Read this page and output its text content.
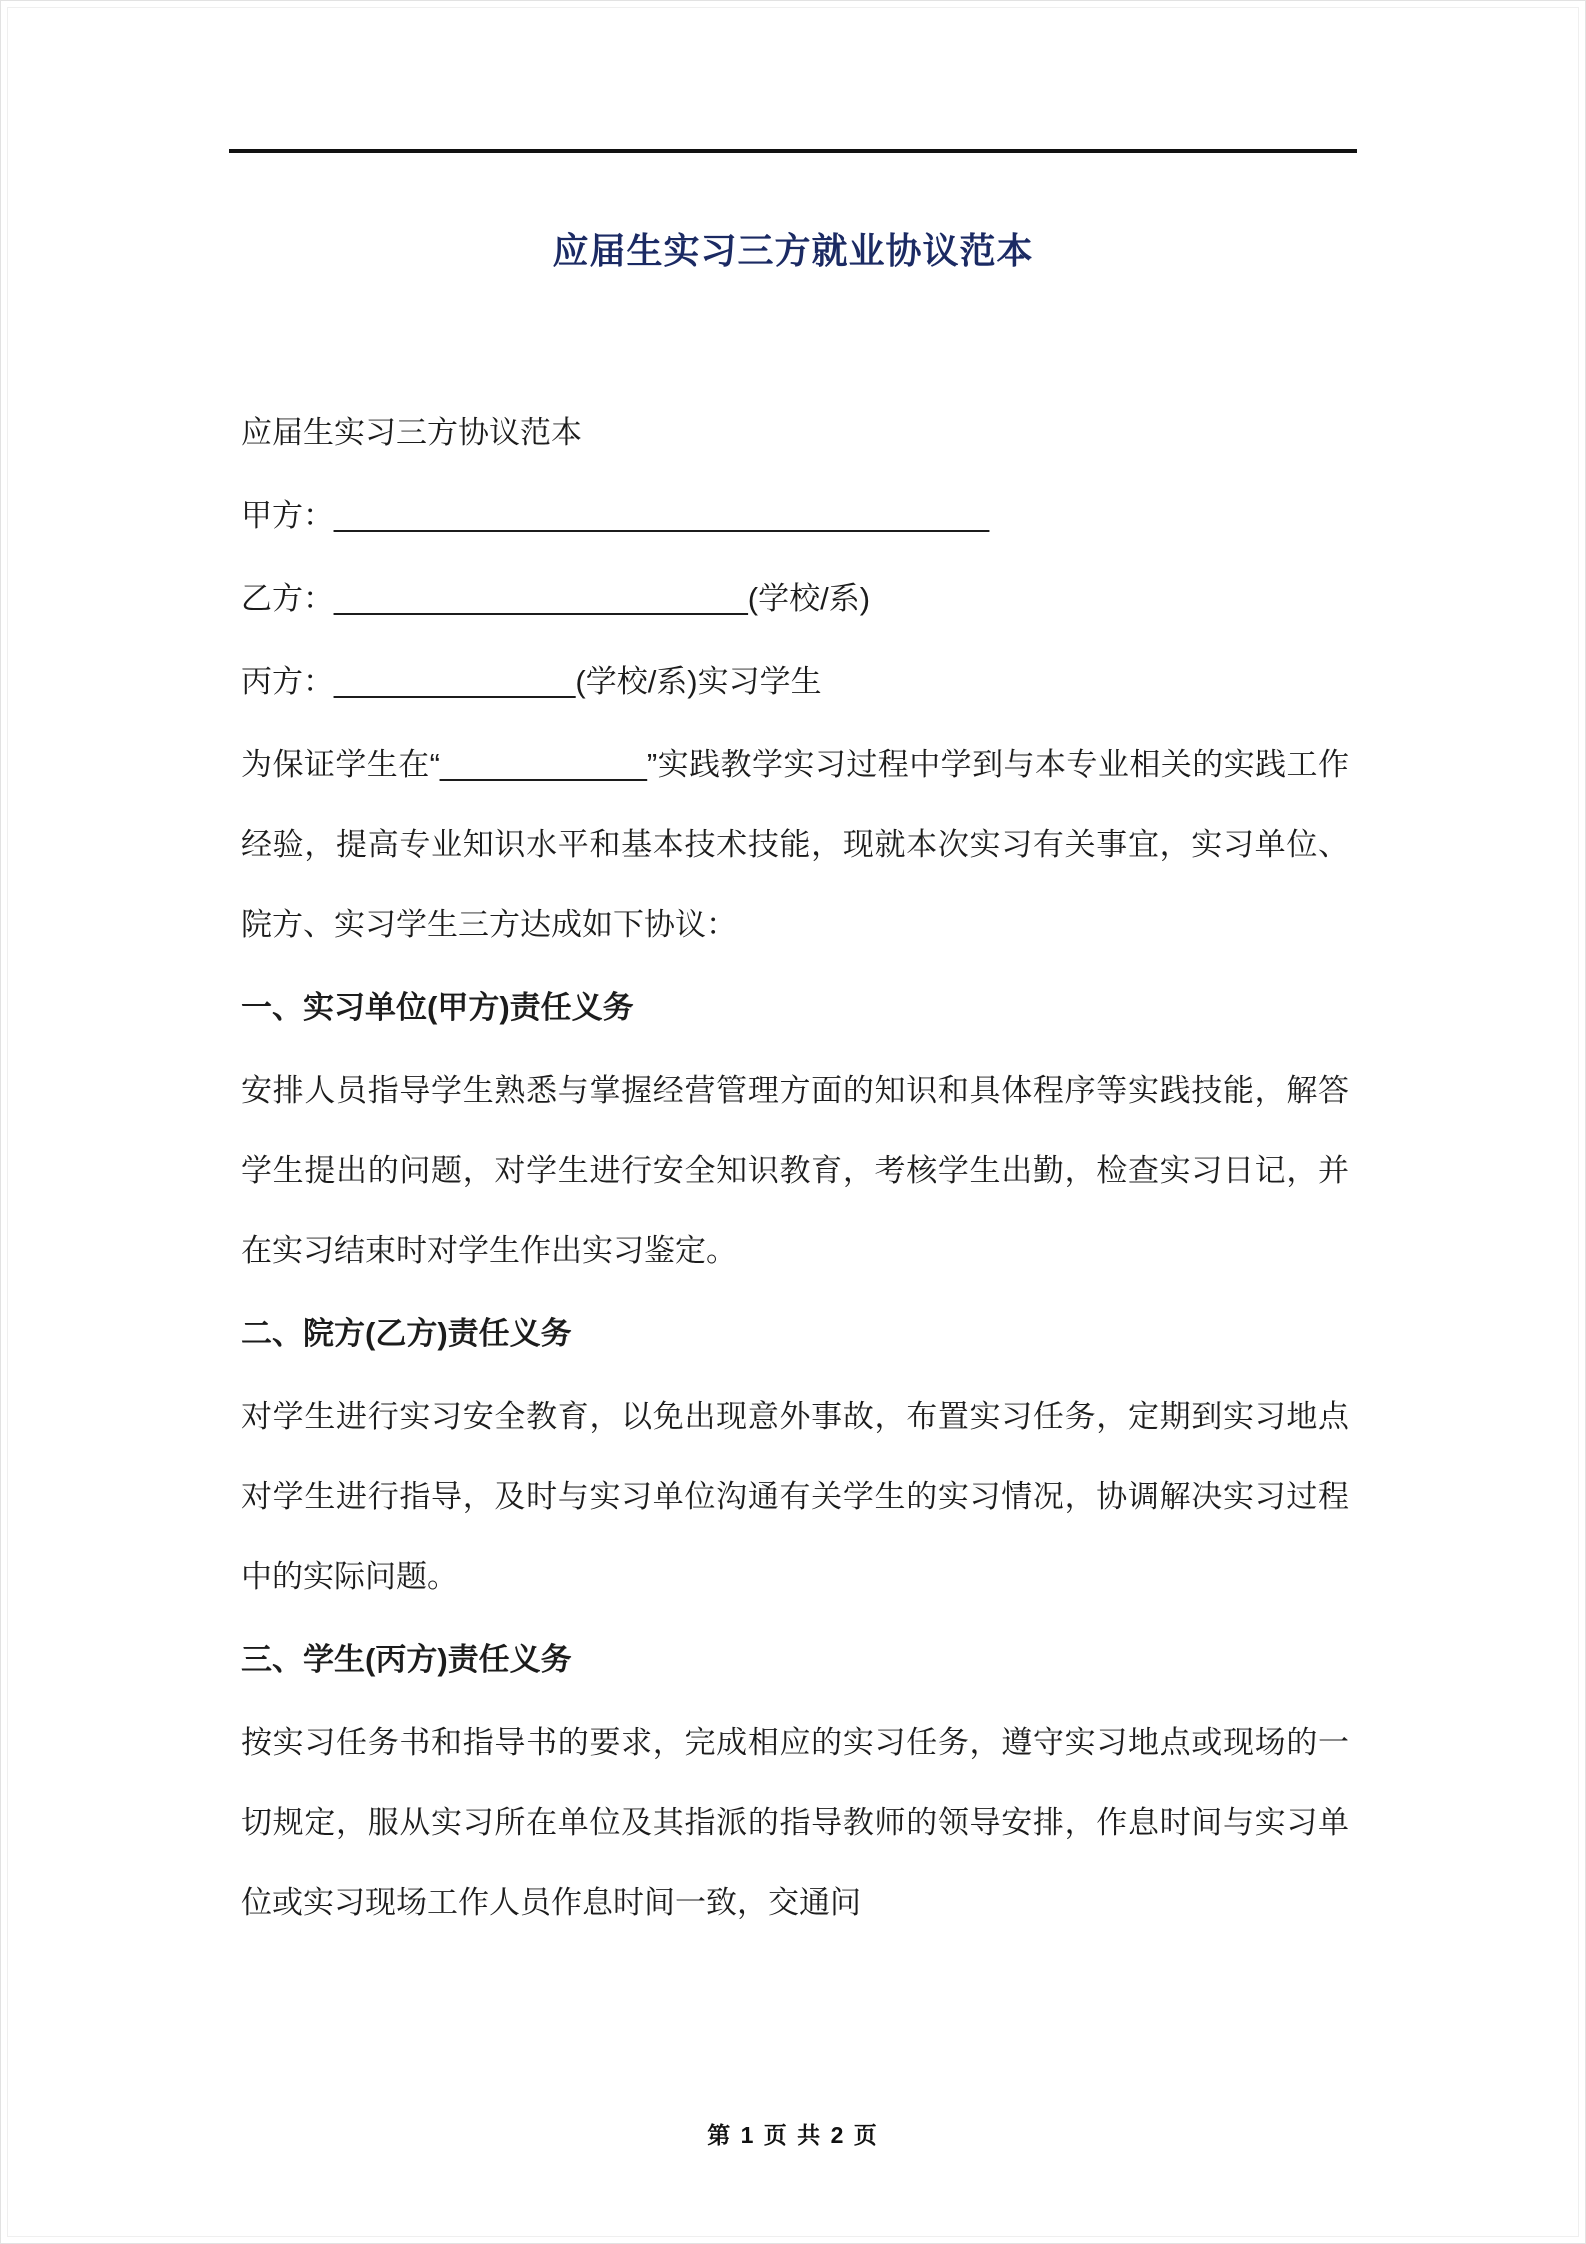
应届生实习三方就业协议范本

应届生实习三方协议范本

甲方：______________________________________

乙方：________________________(学校/系)

丙方：______________(学校/系)实习学生

为保证学生在“____________”实践教学实习过程中学到与本专业相关的实践工作经验，提高专业知识水平和基本技术技能，现就本次实习有关事宜，实习单位、院方、实习学生三方达成如下协议：

一、实习单位(甲方)责任义务

安排人员指导学生熟悉与掌握经营管理方面的知识和具体程序等实践技能，解答学生提出的问题，对学生进行安全知识教育，考核学生出勤，检查实习日记，并在实习结束时对学生作出实习鉴定。

二、院方(乙方)责任义务

对学生进行实习安全教育，以免出现意外事故，布置实习任务，定期到实习地点对学生进行指导，及时与实习单位沟通有关学生的实习情况，协调解决实习过程中的实际问题。

三、学生(丙方)责任义务

按实习任务书和指导书的要求，完成相应的实习任务，遵守实习地点或现场的一切规定，服从实习所在单位及其指派的指导教师的领导安排，作息时间与实习单位或实习现场工作人员作息时间一致，交通问

第 1 页 共 2 页
